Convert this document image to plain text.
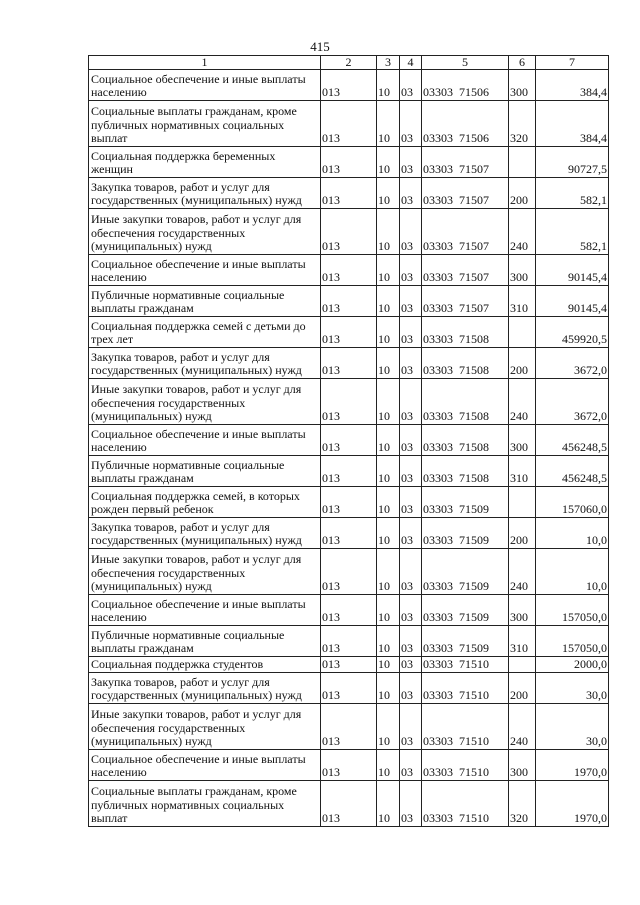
415
1	2	3	4	5	6	7
Социальное обеспечение и иные выплаты населению	013	10	03	03303  71506	300	384,4
Социальные выплаты гражданам, кроме публичных нормативных социальных выплат	013	10	03	03303  71506	320	384,4
Социальная поддержка беременных женщин	013	10	03	03303  71507		90727,5
Закупка товаров, работ и услуг для государственных (муниципальных) нужд	013	10	03	03303  71507	200	582,1
Иные закупки товаров, работ и услуг для обеспечения государственных (муниципальных) нужд	013	10	03	03303  71507	240	582,1
Социальное обеспечение и иные выплаты населению	013	10	03	03303  71507	300	90145,4
Публичные нормативные социальные выплаты гражданам	013	10	03	03303  71507	310	90145,4
Социальная поддержка семей с детьми до трех лет	013	10	03	03303  71508		459920,5
Закупка товаров, работ и услуг для государственных (муниципальных) нужд	013	10	03	03303  71508	200	3672,0
Иные закупки товаров, работ и услуг для обеспечения государственных (муниципальных) нужд	013	10	03	03303  71508	240	3672,0
Социальное обеспечение и иные выплаты населению	013	10	03	03303  71508	300	456248,5
Публичные нормативные социальные выплаты гражданам	013	10	03	03303  71508	310	456248,5
Социальная поддержка семей, в которых рожден первый ребенок	013	10	03	03303  71509		157060,0
Закупка товаров, работ и услуг для государственных (муниципальных) нужд	013	10	03	03303  71509	200	10,0
Иные закупки товаров, работ и услуг для обеспечения государственных (муниципальных) нужд	013	10	03	03303  71509	240	10,0
Социальное обеспечение и иные выплаты населению	013	10	03	03303  71509	300	157050,0
Публичные нормативные социальные выплаты гражданам	013	10	03	03303  71509	310	157050,0
Социальная поддержка студентов	013	10	03	03303  71510		2000,0
Закупка товаров, работ и услуг для государственных (муниципальных) нужд	013	10	03	03303  71510	200	30,0
Иные закупки товаров, работ и услуг для обеспечения государственных (муниципальных) нужд	013	10	03	03303  71510	240	30,0
Социальное обеспечение и иные выплаты населению	013	10	03	03303  71510	300	1970,0
Социальные выплаты гражданам, кроме публичных нормативных социальных выплат	013	10	03	03303  71510	320	1970,0
